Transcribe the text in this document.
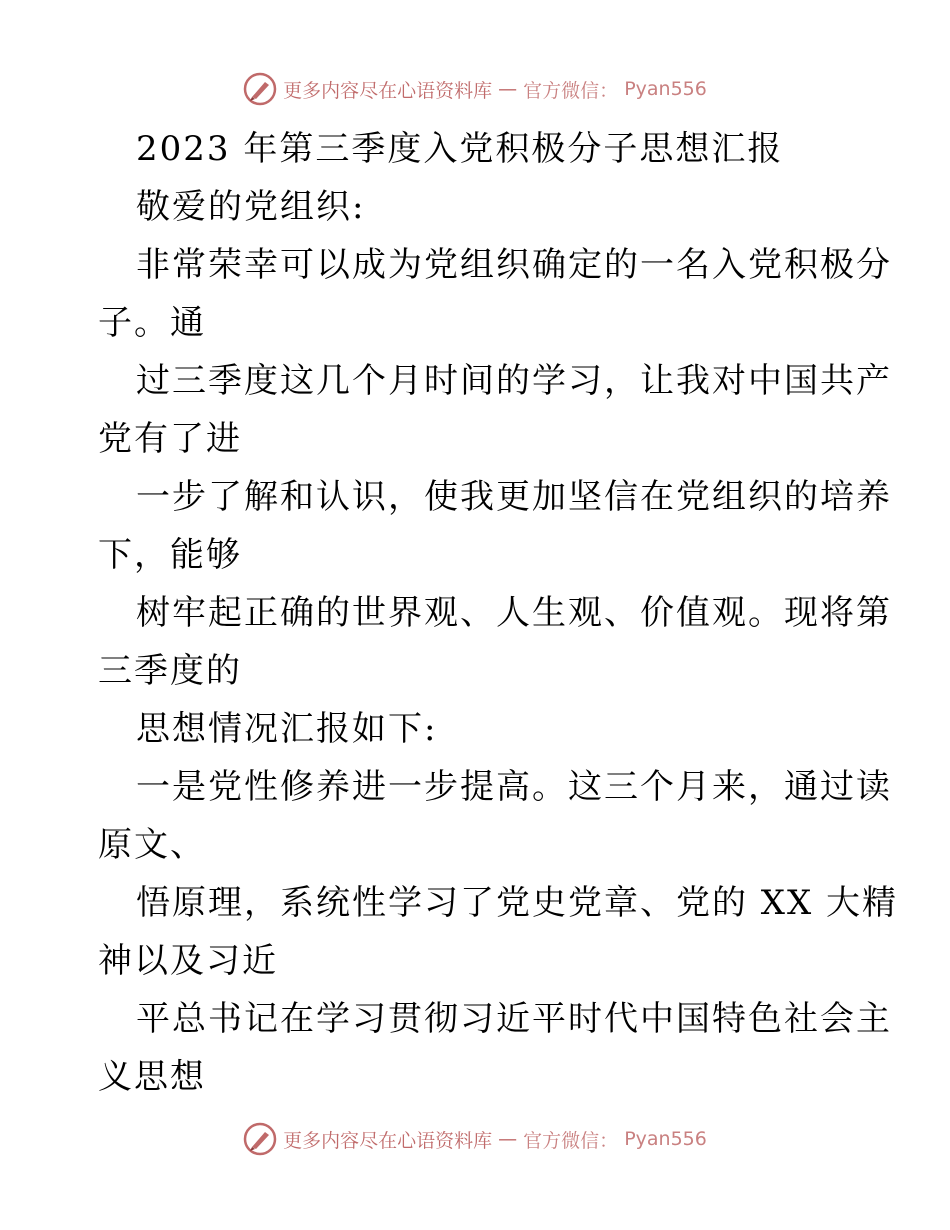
更多内容尽在心语资料库 — 官方微信： Pyan556

2023 年第三季度入党积极分子思想汇报

敬爱的党组织:

非常荣幸可以成为党组织确定的一名入党积极分

子。通

过三季度这几个月时间的学习，让我对中国共产

党有了进

一步了解和认识，使我更加坚信在党组织的培养

下，能够

树牢起正确的世界观、人生观、价值观。现将第

三季度的

思想情况汇报如下:

一是党性修养进一步提高。这三个月来，通过读

原文、

悟原理，系统性学习了党史党章、党的 XX 大精

神以及习近

平总书记在学习贯彻习近平时代中国特色社会主

义思想

更多内容尽在心语资料库 — 官方微信： Pyan556
